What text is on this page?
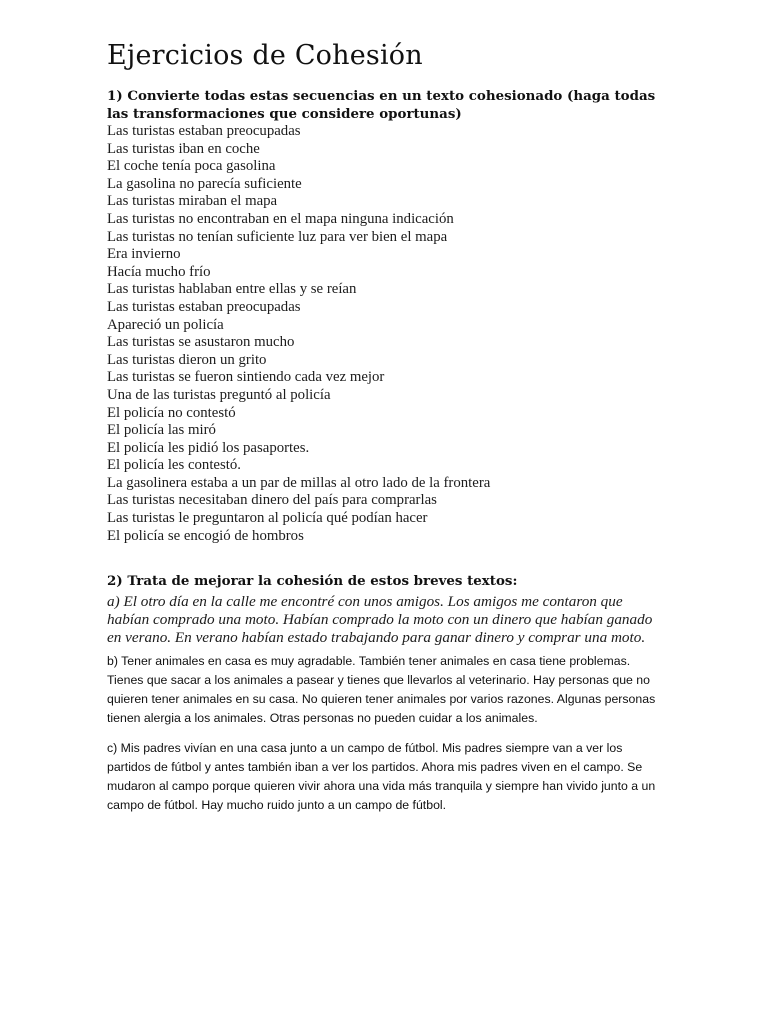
Ejercicios de Cohesión

1) Convierte todas estas secuencias en un texto cohesionado (haga todas las transformaciones que considere oportunas)

Las turistas estaban preocupadas
Las turistas iban en coche
El coche tenía poca gasolina
La gasolina no parecía suficiente
Las turistas miraban el mapa
Las turistas no encontraban en el mapa ninguna indicación
Las turistas no tenían suficiente luz para ver bien el mapa
Era invierno
Hacía mucho frío
Las turistas hablaban entre ellas y se reían
Las turistas estaban preocupadas
Apareció un policía
Las turistas se asustaron mucho
Las turistas dieron un grito
Las turistas se fueron sintiendo cada vez mejor
Una de las turistas preguntó al policía
El policía no contestó
El policía las miró
El policía les pidió los pasaportes.
El policía les contestó.
La gasolinera estaba a un par de millas al otro lado de la frontera
Las turistas necesitaban dinero del país para comprarlas
Las turistas le preguntaron al policía qué podían hacer
El policía se encogió de hombros

2) Trata de mejorar la cohesión de estos breves textos:

a) El otro día en la calle me encontré con unos amigos. Los amigos me contaron que habían comprado una moto. Habían comprado la moto con un dinero que habían ganado en verano. En verano habían estado trabajando para ganar dinero y comprar una moto.

b) Tener animales en casa es muy agradable. También tener animales en casa tiene problemas. Tienes que sacar a los animales a pasear y tienes que llevarlos al veterinario. Hay personas que no quieren tener animales en su casa. No quieren tener animales por varios razones. Algunas personas tienen alergia a los animales. Otras personas no pueden cuidar a los animales.

c) Mis padres vivían en una casa junto a un campo de fútbol. Mis padres siempre van a ver los partidos de fútbol y antes también iban a ver los partidos. Ahora mis padres viven en el campo. Se mudaron al campo porque quieren vivir ahora una vida más tranquila y siempre han vivido junto a un campo de fútbol. Hay mucho ruido junto a un campo de fútbol.
